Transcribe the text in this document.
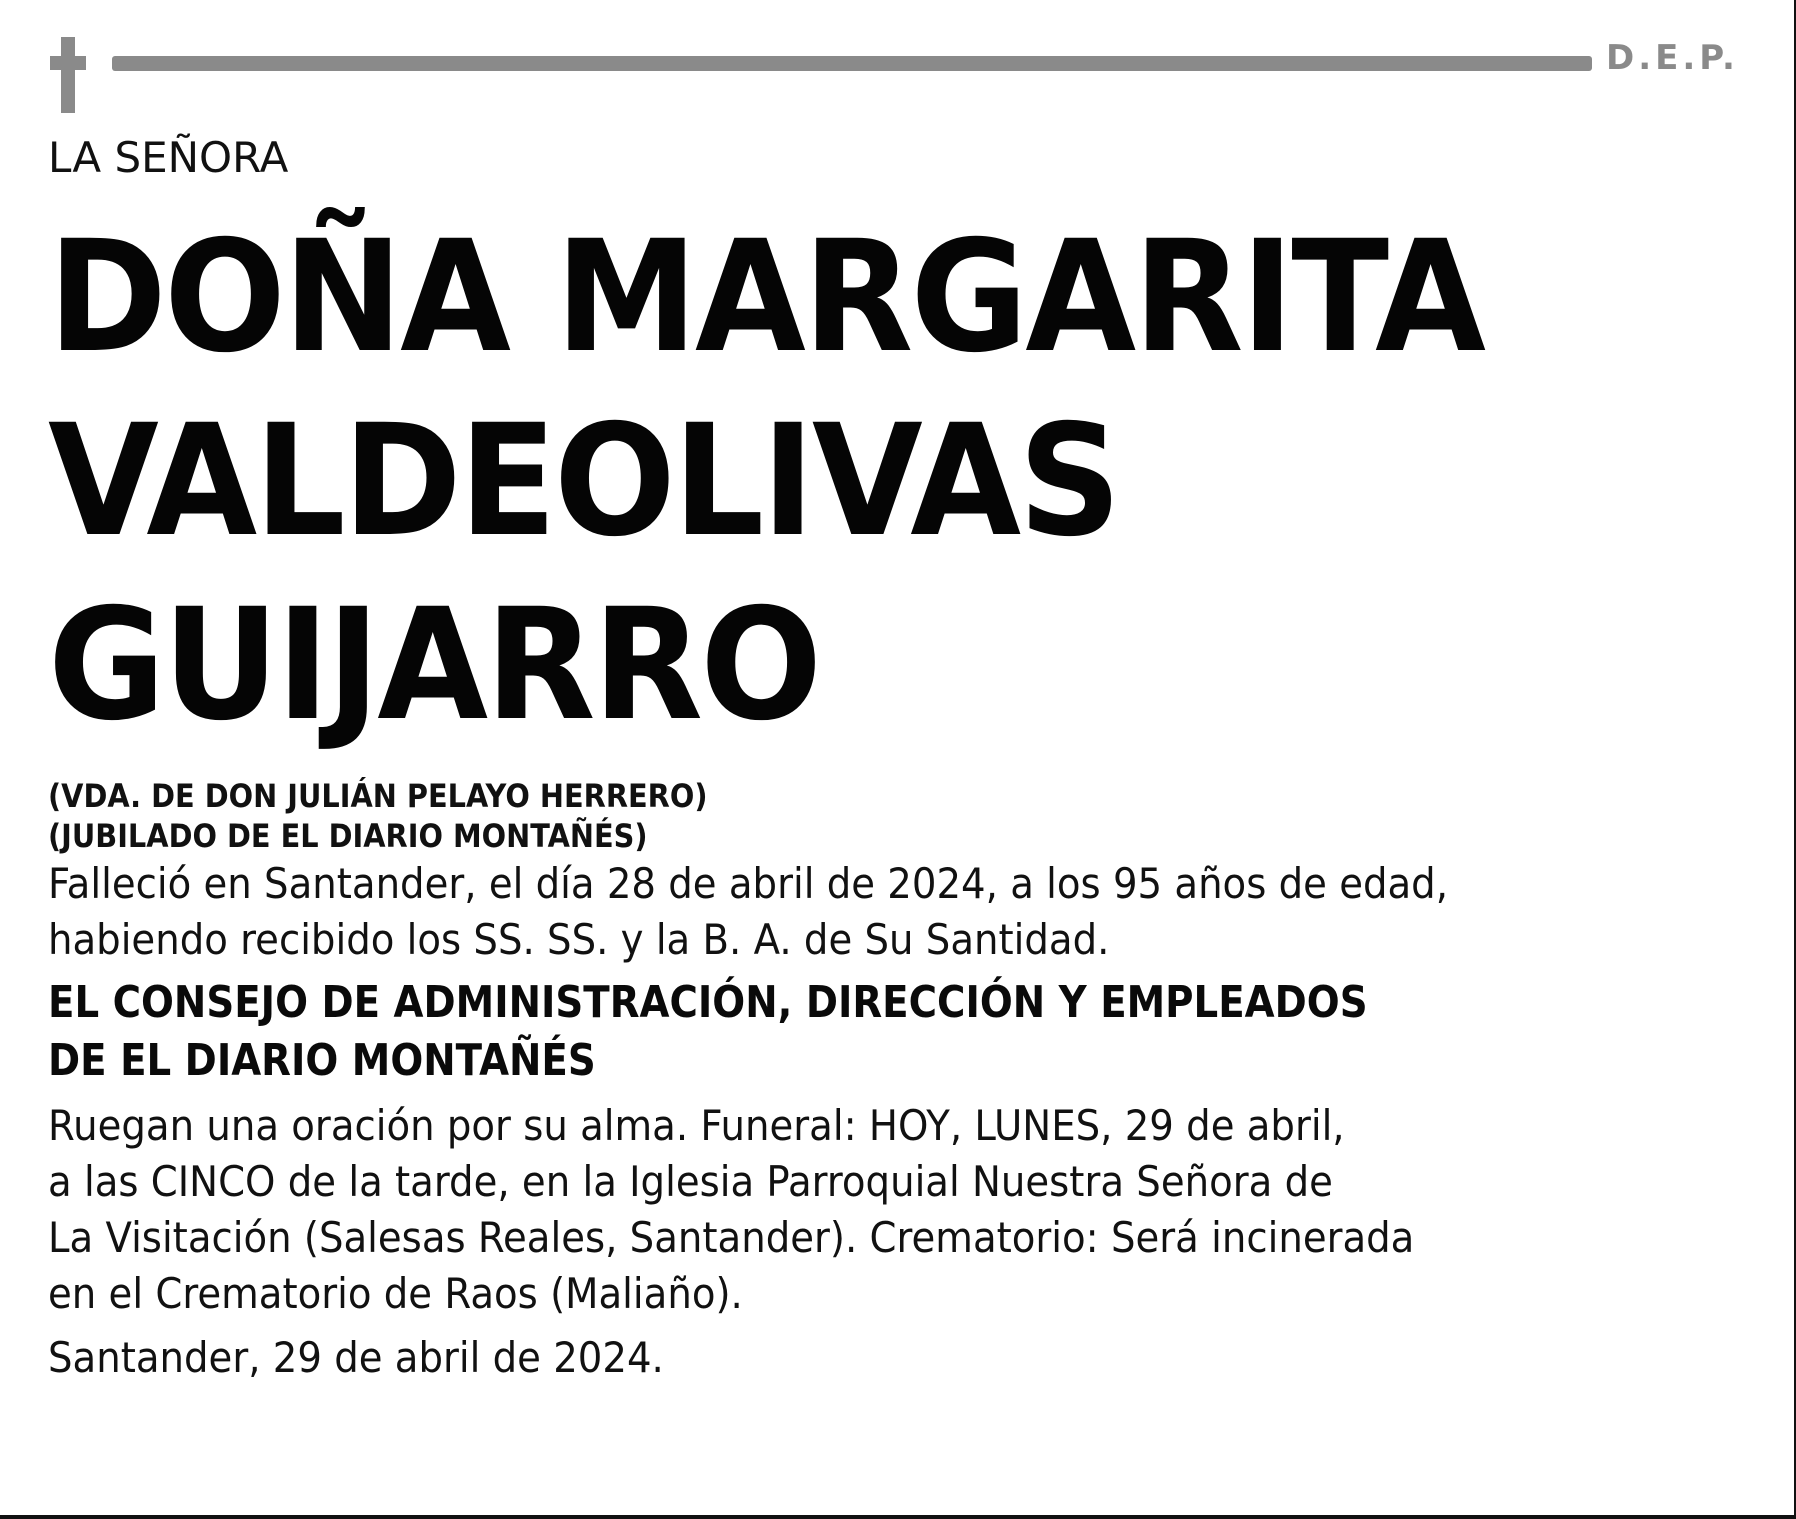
D.E.P.
LA SEÑORA
DOÑA MARGARITA
VALDEOLIVAS
GUIJARRO
(VDA. DE DON JULIÁN PELAYO HERRERO)
(JUBILADO DE EL DIARIO MONTAÑÉS)
Falleció en Santander, el día 28 de abril de 2024, a los 95 años de edad,
habiendo recibido los SS. SS. y la B. A. de Su Santidad.
EL CONSEJO DE ADMINISTRACIÓN, DIRECCIÓN Y EMPLEADOS
DE EL DIARIO MONTAÑÉS
Ruegan una oración por su alma. Funeral: HOY, LUNES, 29 de abril,
a las CINCO de la tarde, en la Iglesia Parroquial Nuestra Señora de
La Visitación (Salesas Reales, Santander). Crematorio: Será incinerada
en el Crematorio de Raos (Maliaño).
Santander, 29 de abril de 2024.
